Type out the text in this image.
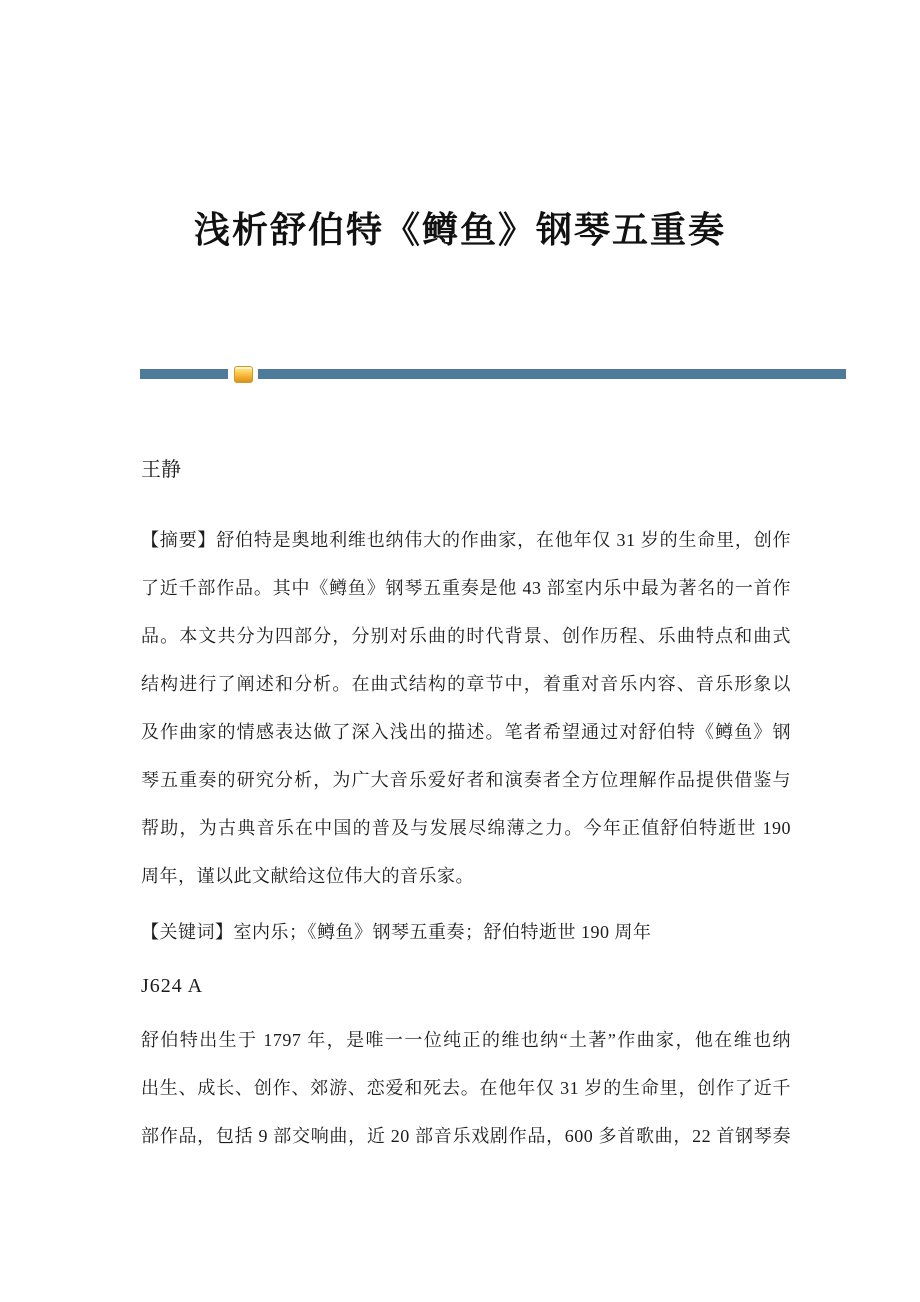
浅析舒伯特《鳟鱼》钢琴五重奏
王静
【摘要】舒伯特是奥地利维也纳伟大的作曲家，在他年仅 31 岁的生命里，创作
了近千部作品。其中《鳟鱼》钢琴五重奏是他 43 部室内乐中最为著名的一首作
品。本文共分为四部分，分别对乐曲的时代背景、创作历程、乐曲特点和曲式
结构进行了阐述和分析。在曲式结构的章节中，着重对音乐内容、音乐形象以
及作曲家的情感表达做了深入浅出的描述。笔者希望通过对舒伯特《鳟鱼》钢
琴五重奏的研究分析，为广大音乐爱好者和演奏者全方位理解作品提供借鉴与
帮助，为古典音乐在中国的普及与发展尽绵薄之力。今年正值舒伯特逝世 190
周年，谨以此文献给这位伟大的音乐家。
【关键词】室内乐；《鳟鱼》钢琴五重奏；舒伯特逝世 190 周年
J624 A
舒伯特出生于 1797 年，是唯一一位纯正的维也纳“土著”作曲家，他在维也纳
出生、成长、创作、郊游、恋爱和死去。在他年仅 31 岁的生命里，创作了近千
部作品，包括 9 部交响曲，近 20 部音乐戏剧作品，600 多首歌曲，22 首钢琴奏
